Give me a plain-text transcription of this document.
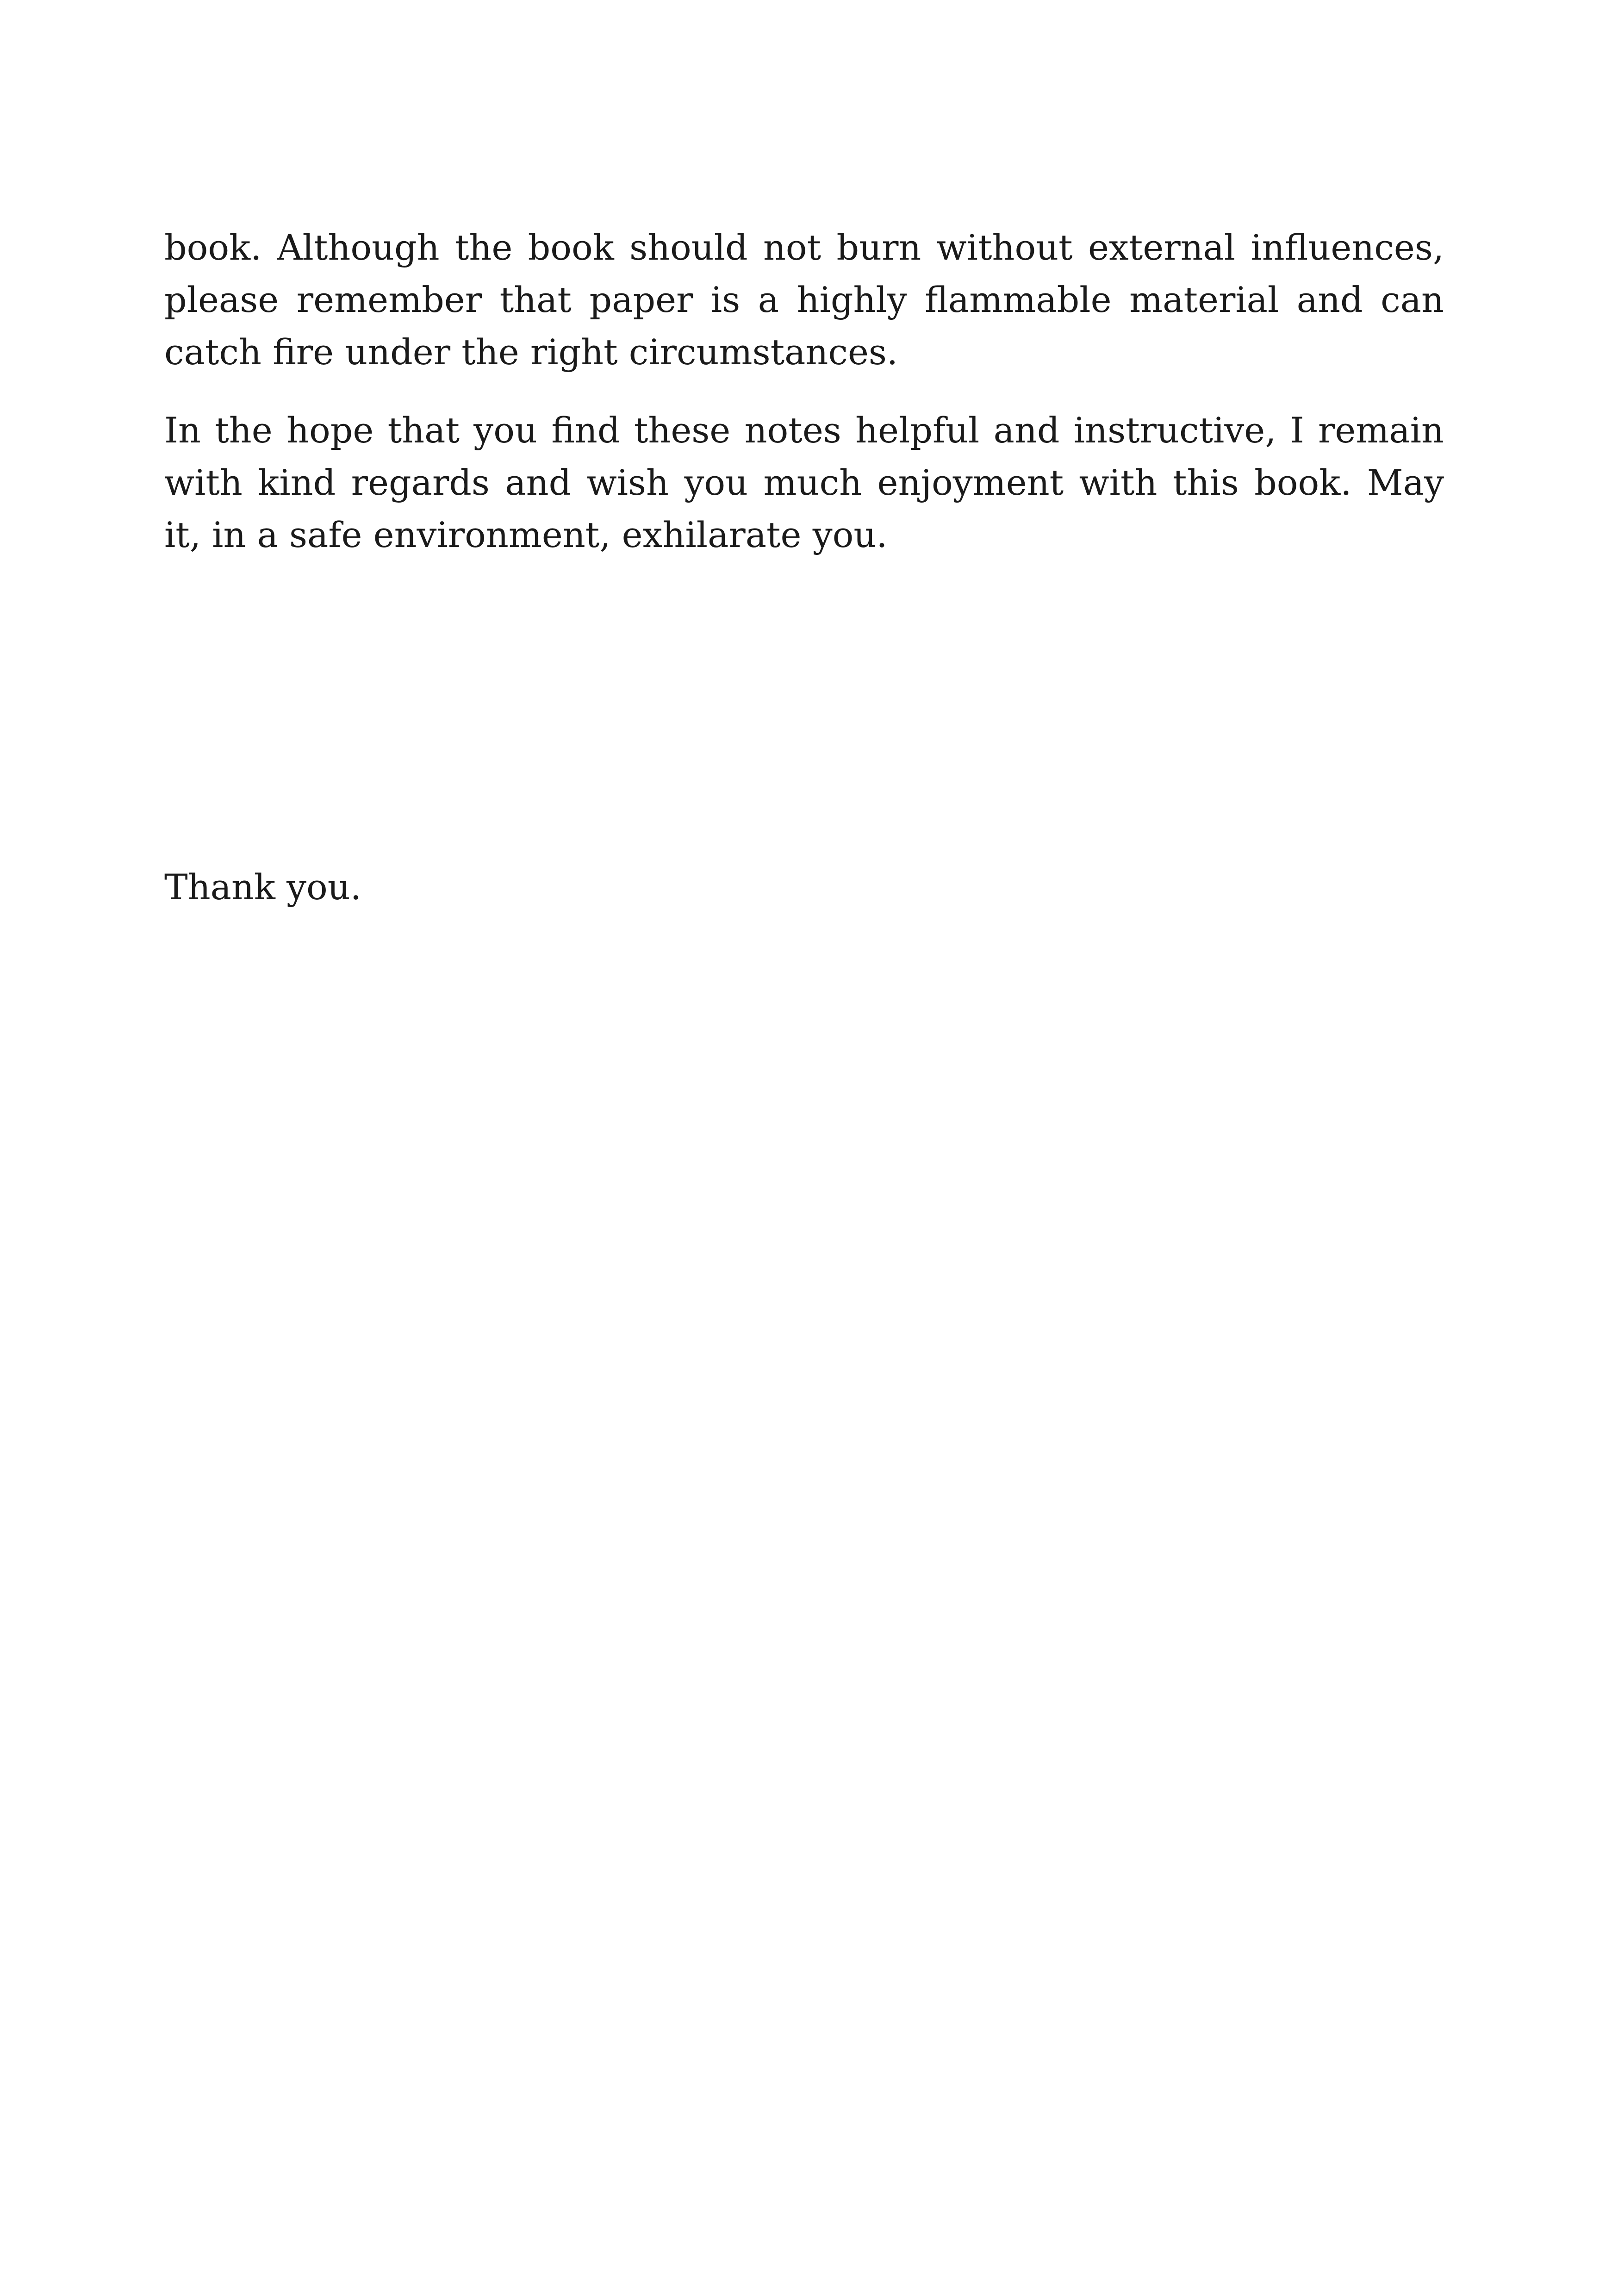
book. Although the book should not burn without external influences,
please remember that paper is a highly flammable material and can
catch fire under the right circumstances.
In the hope that you find these notes helpful and instructive, I remain
with kind regards and wish you much enjoyment with this book. May
it, in a safe environment, exhilarate you.
Thank you.
